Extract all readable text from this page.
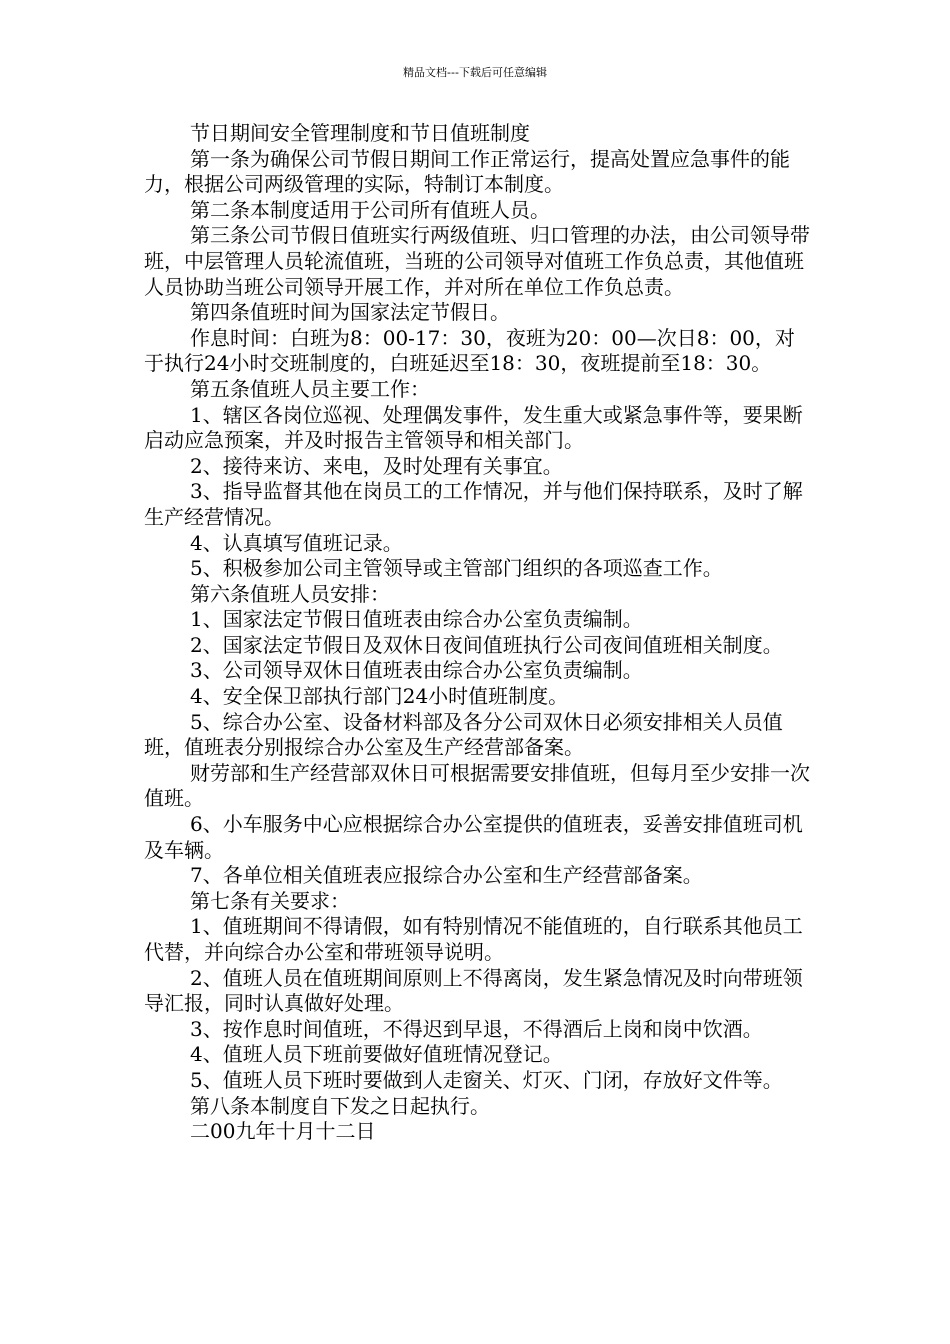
精品文档---下载后可任意编辑

节日期间安全管理制度和节日值班制度

第一条为确保公司节假日期间工作正常运行，提高处置应急事件的能力，根据公司两级管理的实际，特制订本制度。

第二条本制度适用于公司所有值班人员。

第三条公司节假日值班实行两级值班、归口管理的办法，由公司领导带班，中层管理人员轮流值班，当班的公司领导对值班工作负总责，其他值班人员协助当班公司领导开展工作，并对所在单位工作负总责。

第四条值班时间为国家法定节假日。

作息时间：白班为8：00-17：30，夜班为20：00—次日8：00，对于执行24小时交班制度的，白班延迟至18：30，夜班提前至18：30。

第五条值班人员主要工作：

1、辖区各岗位巡视、处理偶发事件，发生重大或紧急事件等，要果断启动应急预案，并及时报告主管领导和相关部门。

2、接待来访、来电，及时处理有关事宜。

3、指导监督其他在岗员工的工作情况，并与他们保持联系，及时了解生产经营情况。

4、认真填写值班记录。

5、积极参加公司主管领导或主管部门组织的各项巡查工作。

第六条值班人员安排：

1、国家法定节假日值班表由综合办公室负责编制。

2、国家法定节假日及双休日夜间值班执行公司夜间值班相关制度。

3、公司领导双休日值班表由综合办公室负责编制。

4、安全保卫部执行部门24小时值班制度。

5、综合办公室、设备材料部及各分公司双休日必须安排相关人员值班，值班表分别报综合办公室及生产经营部备案。

财劳部和生产经营部双休日可根据需要安排值班，但每月至少安排一次值班。

6、小车服务中心应根据综合办公室提供的值班表，妥善安排值班司机及车辆。

7、各单位相关值班表应报综合办公室和生产经营部备案。

第七条有关要求：

1、值班期间不得请假，如有特别情况不能值班的，自行联系其他员工代替，并向综合办公室和带班领导说明。

2、值班人员在值班期间原则上不得离岗，发生紧急情况及时向带班领导汇报，同时认真做好处理。

3、按作息时间值班，不得迟到早退，不得酒后上岗和岗中饮酒。

4、值班人员下班前要做好值班情况登记。

5、值班人员下班时要做到人走窗关、灯灭、门闭，存放好文件等。

第八条本制度自下发之日起执行。

二00九年十月十二日
